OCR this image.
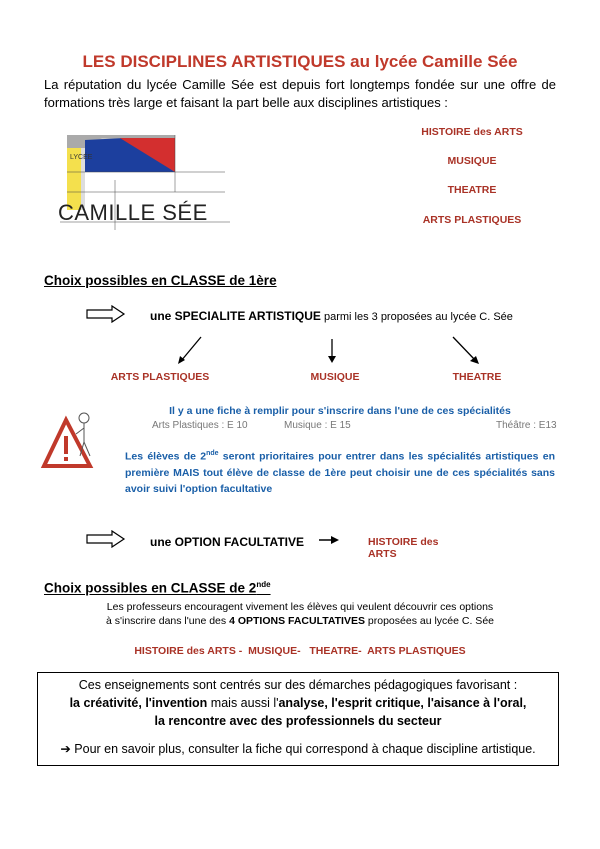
LES DISCIPLINES ARTISTIQUES au lycée Camille Sée
La réputation du lycée Camille Sée est depuis fort longtemps fondée sur une offre de formations très large et faisant la part belle aux disciplines artistiques :
LYCÉE
CAMILLE SÉE
HISTOIRE des ARTS
MUSIQUE
THEATRE
ARTS PLASTIQUES
Choix possibles en CLASSE de 1ère
une SPECIALITE ARTISTIQUE parmi les 3 proposées au lycée C. Sée
ARTS PLASTIQUES	MUSIQUE	THEATRE
Il y a une fiche à remplir pour s'inscrire dans l'une de ces spécialités
Arts Plastiques : E 10	Musique : E 15	Théâtre : E13
Les élèves de 2nde seront prioritaires pour entrer dans les spécialités artistiques en première MAIS tout élève de classe de 1ère peut choisir une de ces spécialités sans avoir suivi l'option facultative
une OPTION FACULTATIVE	HISTOIRE des ARTS
Choix possibles en CLASSE de 2nde
Les professeurs encouragent vivement les élèves qui veulent découvrir ces options
à s'inscrire dans l'une des 4 OPTIONS FACULTATIVES proposées au lycée C. Sée
HISTOIRE des ARTS -  MUSIQUE-   THEATRE-  ARTS PLASTIQUES
Ces enseignements sont centrés sur des démarches pédagogiques favorisant :
la créativité, l'invention mais aussi l'analyse, l'esprit critique, l'aisance à l'oral,
la rencontre avec des professionnels du secteur
➔ Pour en savoir plus, consulter la fiche qui correspond à chaque discipline artistique.
